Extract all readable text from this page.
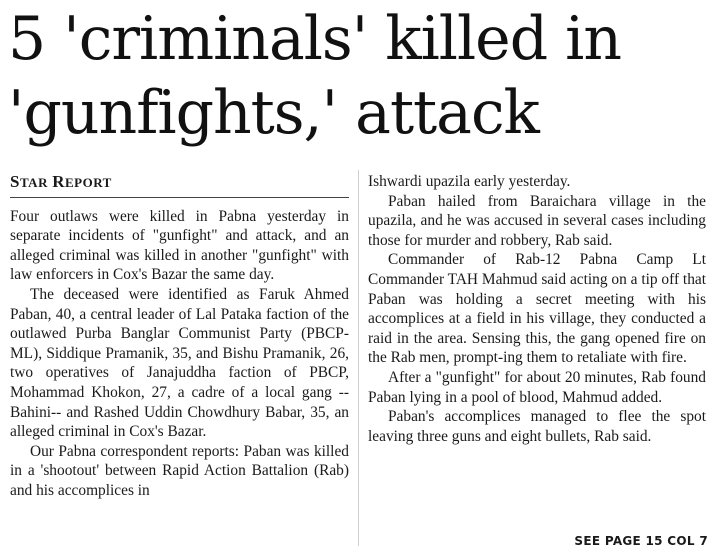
5 'criminals' killed in
'gunfights,' attack
STAR REPORT

Four outlaws were killed in Pabna yesterday in separate incidents of "gunfight" and attack, and an alleged criminal was killed in another "gunfight" with law enforcers in Cox's Bazar the same day.

The deceased were identified as Faruk Ahmed Paban, 40, a central leader of Lal Pataka faction of the outlawed Purba Banglar Communist Party (PBCP-ML), Siddique Pramanik, 35, and Bishu Pramanik, 26, two operatives of Janajuddha faction of PBCP, Mohammad Khokon, 27, a cadre of a local gang --Bahini-- and Rashed Uddin Chowdhury Babar, 35, an alleged criminal in Cox's Bazar.

Our Pabna correspondent reports: Paban was killed in a 'shootout' between Rapid Action Battalion (Rab) and his accomplices in

Ishwardi upazila early yesterday.

Paban hailed from Baraichara village in the upazila, and he was accused in several cases including those for murder and robbery, Rab said.

Commander of Rab-12 Pabna Camp Lt Commander TAH Mahmud said acting on a tip off that Paban was holding a secret meeting with his accomplices at a field in his village, they conducted a raid in the area. Sensing this, the gang opened fire on the Rab men, prompt-ing them to retaliate with fire.

After a "gunfight" for about 20 minutes, Rab found Paban lying in a pool of blood, Mahmud added.

Paban's accomplices managed to flee the spot leaving three guns and eight bullets, Rab said.

SEE PAGE 15 COL 7
